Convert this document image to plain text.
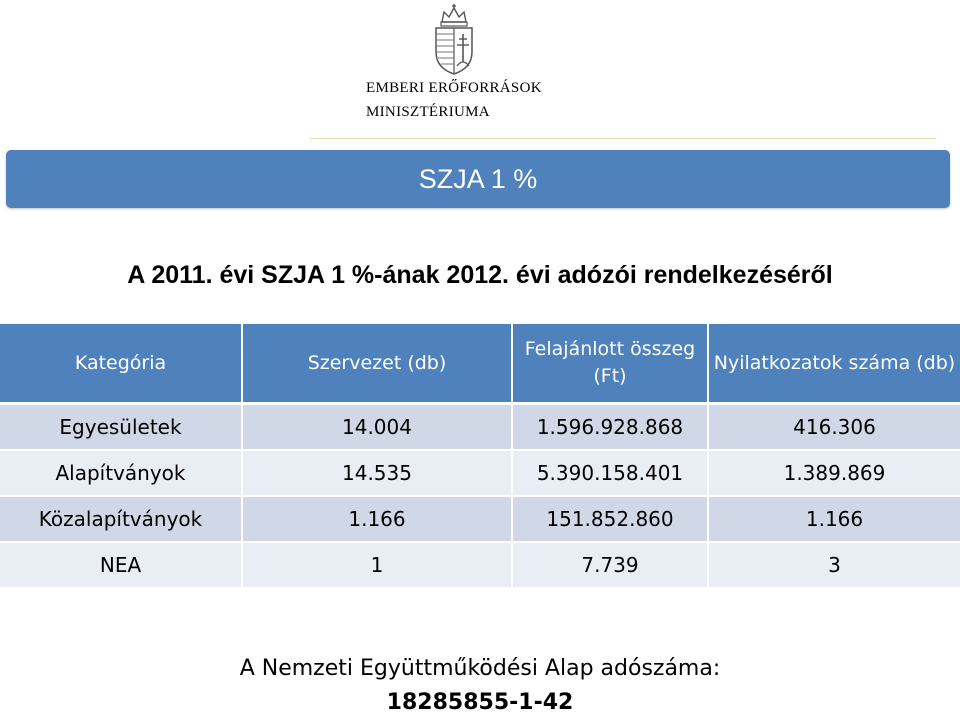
EMBERI ERŐFORRÁSOK
MINISZTÉRIUMA
SZJA 1 %
A 2011. évi SZJA 1 %-ának 2012. évi adózói rendelkezéséről
Kategória	Szervezet (db)	Felajánlott összeg (Ft)	Nyilatkozatok száma (db)
Egyesületek	14.004	1.596.928.868	416.306
Alapítványok	14.535	5.390.158.401	1.389.869
Közalapítványok	1.166	151.852.860	1.166
NEA	1	7.739	3
A Nemzeti Együttműködési Alap adószáma:
18285855-1-42
